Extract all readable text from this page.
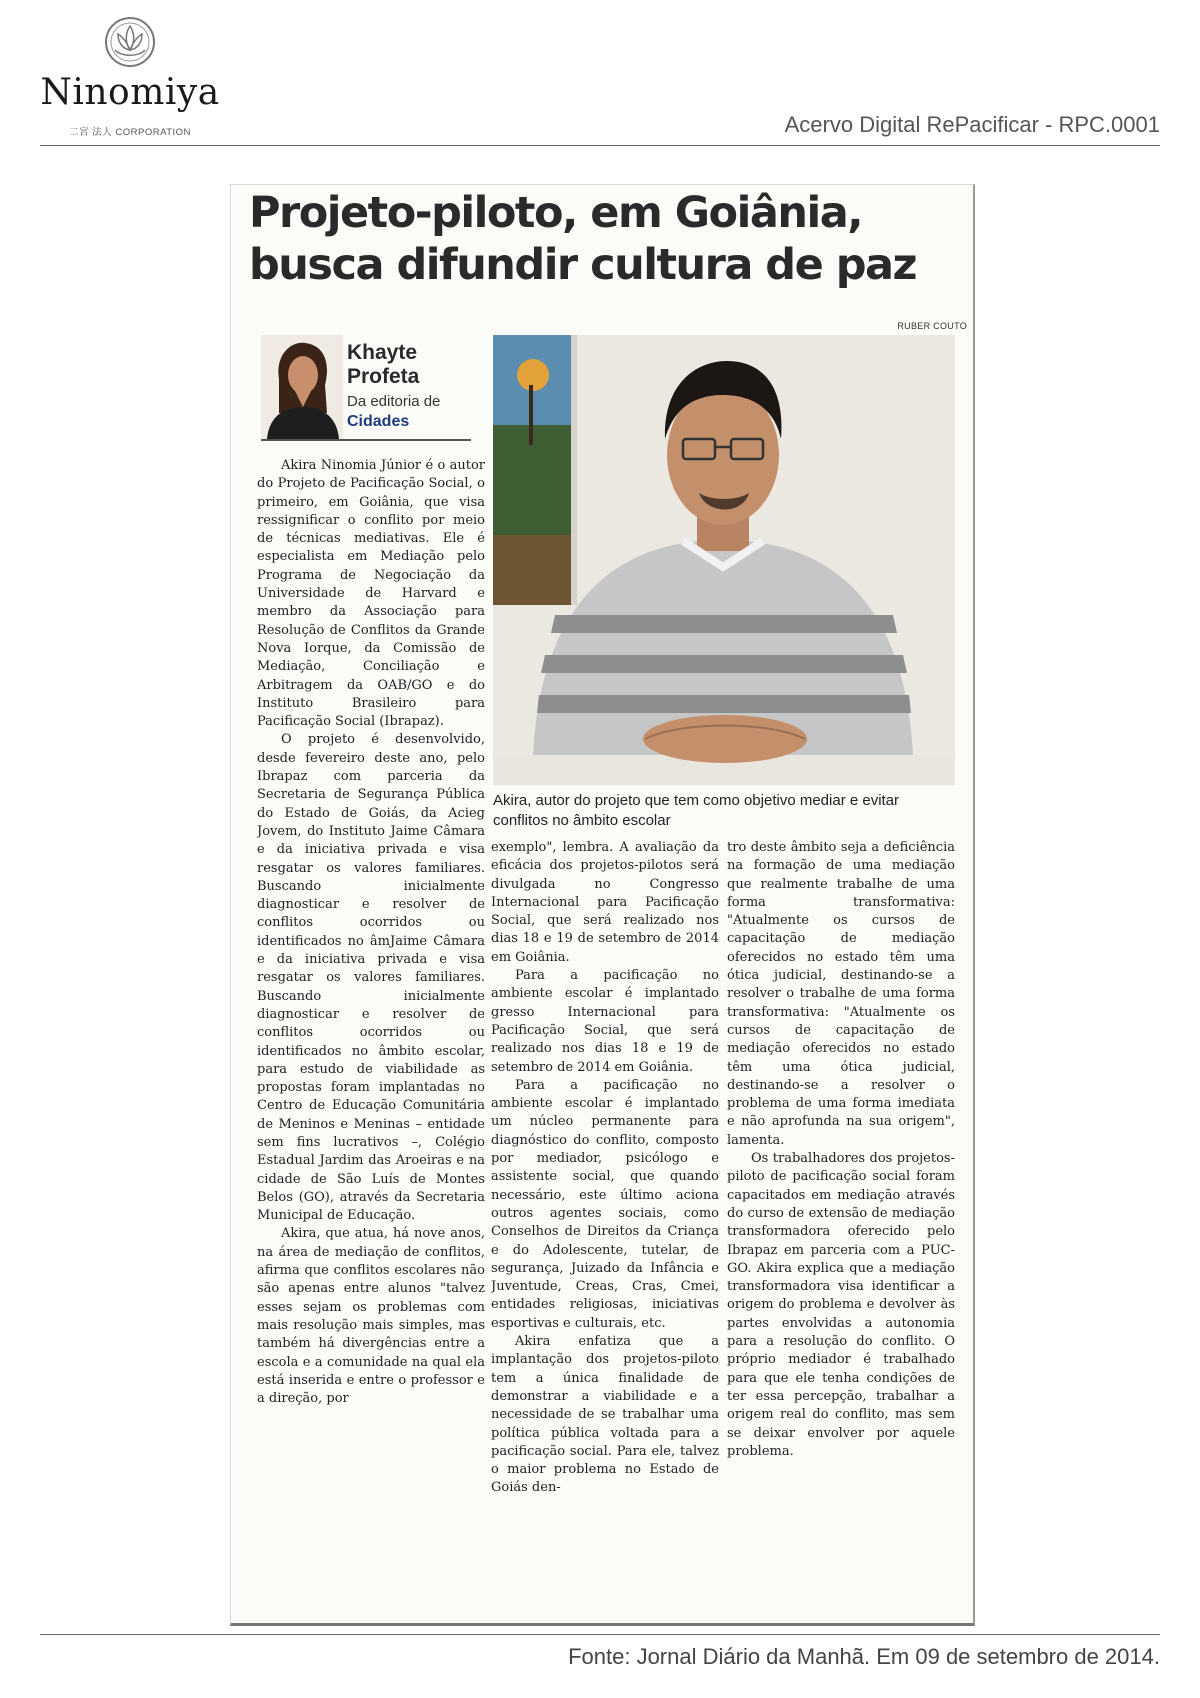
Ninomiya
二宮 法人 CORPORATION	Acervo Digital RePacificar - RPC.0001
Projeto-piloto, em Goiânia,
busca difundir cultura de paz
RUBER COUTO
Khayte
Profeta
Da editoria de
Cidades

Akira, autor do projeto que tem como objetivo mediar e evitar conflitos no âmbito escolar

Akira Ninomia Júnior é o autor do Projeto de Pacificação Social, o primeiro, em Goiânia, que visa ressignificar o conflito por meio de técnicas mediativas. Ele é especialista em Mediação pelo Programa de Negociação da Universidade de Harvard e membro da Associação para Resolução de Conflitos da Grande Nova Iorque, da Comissão de Mediação, Conciliação e Arbitragem da OAB/GO e do Instituto Brasileiro para Pacificação Social (Ibrapaz).

O projeto é desenvolvido, desde fevereiro deste ano, pelo Ibrapaz com parceria da Secretaria de Segurança Pública do Estado de Goiás, da Acieg Jovem, do Instituto Jaime Câmara e da iniciativa privada e visa resgatar os valores familiares. Buscando inicialmente diagnosticar e resolver de conflitos ocorridos ou identificados no âmJaime Câmara e da iniciativa privada e visa resgatar os valores familiares. Buscando inicialmente diagnosticar e resolver de conflitos ocorridos ou identificados no âmbito escolar, para estudo de viabilidade as propostas foram implantadas no Centro de Educação Comunitária de Meninos e Meninas – entidade sem fins lucrativos –, Colégio Estadual Jardim das Aroeiras e na cidade de São Luís de Montes Belos (GO), através da Secretaria Municipal de Educação.

Akira, que atua, há nove anos, na área de mediação de conflitos, afirma que conflitos escolares não são apenas entre alunos "talvez esses sejam os problemas com mais resolução mais simples, mas também há divergências entre a escola e a comunidade na qual ela está inserida e entre o professor e a direção, por

exemplo", lembra. A avaliação da eficácia dos projetos-pilotos será divulgada no Congresso Internacional para Pacificação Social, que será realizado nos dias 18 e 19 de setembro de 2014 em Goiânia.

Para a pacificação no ambiente escolar é implantado gresso Internacional para Pacificação Social, que será realizado nos dias 18 e 19 de setembro de 2014 em Goiânia.

Para a pacificação no ambiente escolar é implantado um núcleo permanente para diagnóstico do conflito, composto por mediador, psicólogo e assistente social, que quando necessário, este último aciona outros agentes sociais, como Conselhos de Direitos da Criança e do Adolescente, tutelar, de segurança, Juizado da Infância e Juventude, Creas, Cras, Cmei, entidades religiosas, iniciativas esportivas e culturais, etc.

Akira enfatiza que a implantação dos projetos-piloto tem a única finalidade de demonstrar a viabilidade e a necessidade de se trabalhar uma política pública voltada para a pacificação social. Para ele, talvez o maior problema no Estado de Goiás den-

tro deste âmbito seja a deficiência na formação de uma mediação que realmente trabalhe de uma forma transformativa: "Atualmente os cursos de capacitação de mediação oferecidos no estado têm uma ótica judicial, destinando-se a resolver o trabalhe de uma forma transformativa: "Atualmente os cursos de capacitação de mediação oferecidos no estado têm uma ótica judicial, destinando-se a resolver o problema de uma forma imediata e não aprofunda na sua origem", lamenta.

Os trabalhadores dos projetos-piloto de pacificação social foram capacitados em mediação através do curso de extensão de mediação transformadora oferecido pelo Ibrapaz em parceria com a PUC-GO. Akira explica que a mediação transformadora visa identificar a origem do problema e devolver às partes envolvidas a autonomia para a resolução do conflito. O próprio mediador é trabalhado para que ele tenha condições de ter essa percepção, trabalhar a origem real do conflito, mas sem se deixar envolver por aquele problema.

Fonte: Jornal Diário da Manhã. Em 09 de setembro de 2014.
